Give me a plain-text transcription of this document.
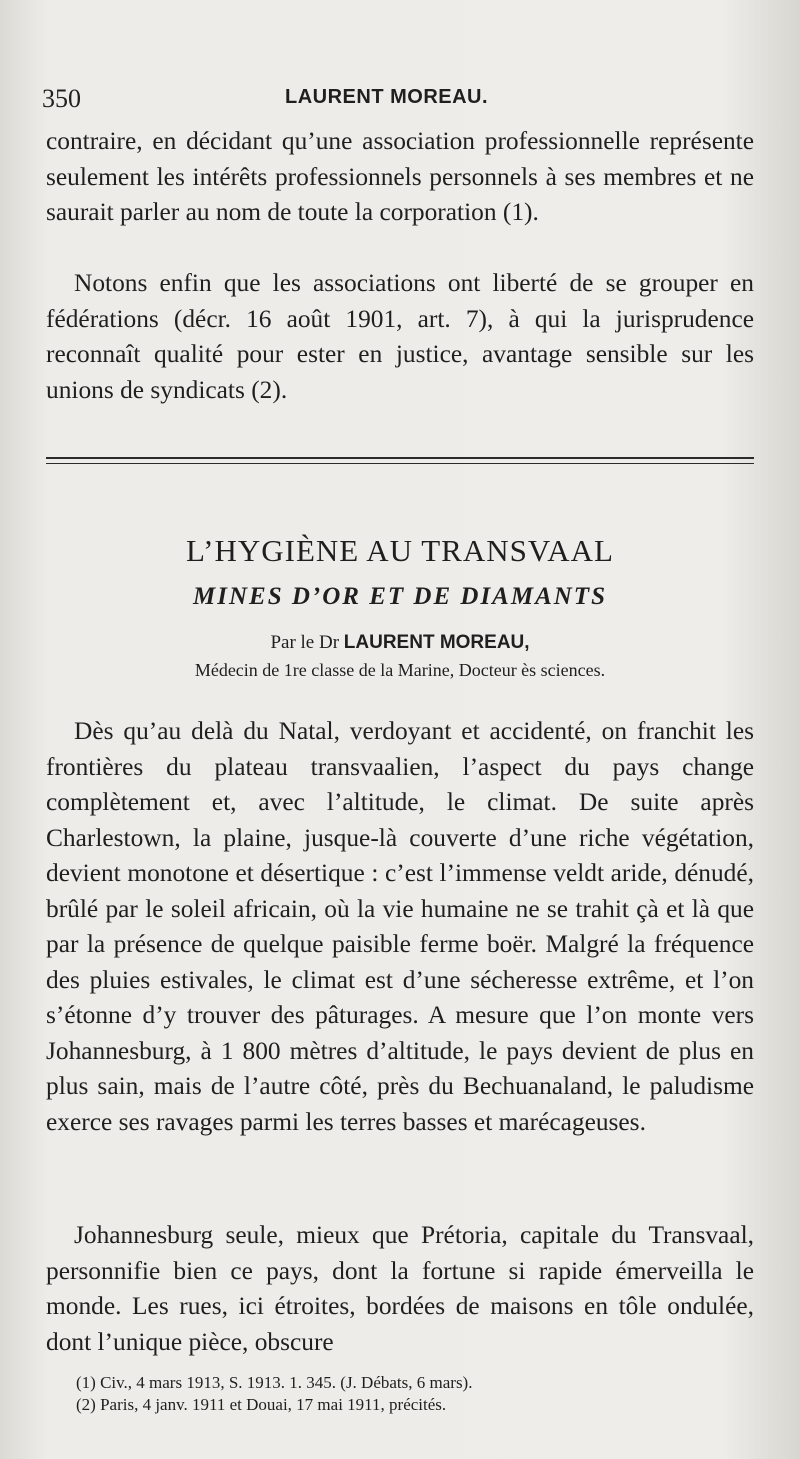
350	LAURENT MOREAU.

contraire, en décidant qu’une association professionnelle représente seulement les intérêts professionnels personnels à ses membres et ne saurait parler au nom de toute la corporation (1).

Notons enfin que les associations ont liberté de se grouper en fédérations (décr. 16 août 1901, art. 7), à qui la jurisprudence reconnaît qualité pour ester en justice, avantage sensible sur les unions de syndicats (2).

L’HYGIÈNE AU TRANSVAAL
MINES D’OR ET DE DIAMANTS
Par le Dr LAURENT MOREAU,
Médecin de 1re classe de la Marine, Docteur ès sciences.

Dès qu’au delà du Natal, verdoyant et accidenté, on franchit les frontières du plateau transvaalien, l’aspect du pays change complètement et, avec l’altitude, le climat. De suite après Charlestown, la plaine, jusque-là couverte d’une riche végétation, devient monotone et désertique : c’est l’immense veldt aride, dénudé, brûlé par le soleil africain, où la vie humaine ne se trahit çà et là que par la présence de quelque paisible ferme boër. Malgré la fréquence des pluies estivales, le climat est d’une sécheresse extrême, et l’on s’étonne d’y trouver des pâturages. A mesure que l’on monte vers Johannesburg, à 1 800 mètres d’altitude, le pays devient de plus en plus sain, mais de l’autre côté, près du Bechuanaland, le paludisme exerce ses ravages parmi les terres basses et marécageuses.

Johannesburg seule, mieux que Prétoria, capitale du Transvaal, personnifie bien ce pays, dont la fortune si rapide émerveilla le monde. Les rues, ici étroites, bordées de maisons en tôle ondulée, dont l’unique pièce, obscure

(1) Civ., 4 mars 1913, S. 1913. 1. 345. (J. Débats, 6 mars).
(2) Paris, 4 janv. 1911 et Douai, 17 mai 1911, précités.
